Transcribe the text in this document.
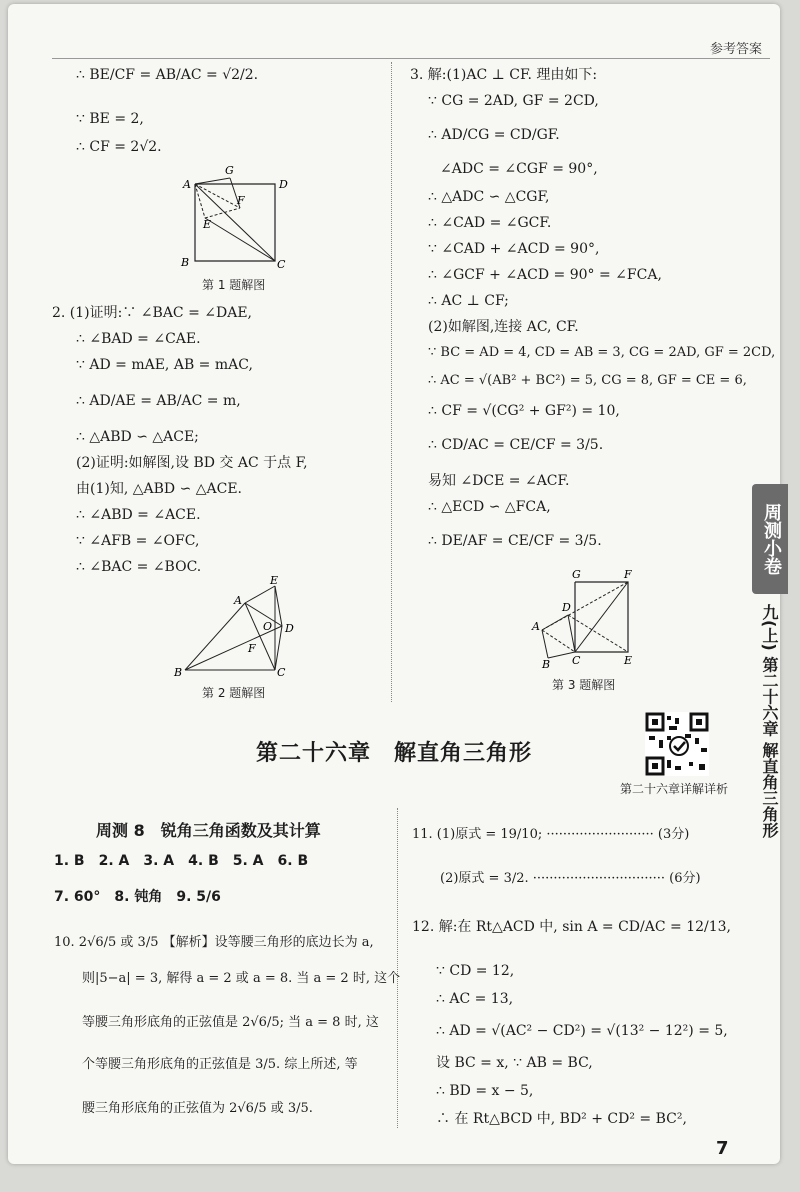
参考答案
∴ BE/CF = AB/AC = √2/2.
∵ BE = 2,
∴ CF = 2√2.
A
G
D
F
E
B	C
第 1 题解图
2. (1)证明:∵ ∠BAC = ∠DAE,
∴ ∠BAD = ∠CAE.
∵ AD = mAE, AB = mAC,
∴ AD/AE = AB/AC = m,
∴ △ABD ∽ △ACE;
(2)证明:如解图,设 BD 交 AC 于点 F,
由(1)知, △ABD ∽ △ACE.
∴ ∠ABD = ∠ACE.
∵ ∠AFB = ∠OFC,
∴ ∠BAC = ∠BOC.
E
A
O D
F
B	C
第 2 题解图
3. 解:(1)AC ⊥ CF. 理由如下:
∵ CG = 2AD, GF = 2CD,
∴ AD/CG = CD/GF.
∠ADC = ∠CGF = 90°,
∴ △ADC ∽ △CGF,
∴ ∠CAD = ∠GCF.
∵ ∠CAD + ∠ACD = 90°,
∴ ∠GCF + ∠ACD = 90° = ∠FCA,
∴ AC ⊥ CF;
(2)如解图,连接 AC, CF.
∵ BC = AD = 4, CD = AB = 3, CG = 2AD, GF = 2CD,
∴ AC = √(AB² + BC²) = 5, CG = 8, GF = CE = 6,
∴ CF = √(CG² + GF²) = 10,
∴ CD/AC = CE/CF = 3/5.
易知 ∠DCE = ∠ACF.
∴ △ECD ∽ △FCA,
∴ DE/AF = CE/CF = 3/5.
G	F
D
A
B C	E
第 3 题解图
第二十六章　解直角三角形
第二十六章详解详析
周测 8　锐角三角函数及其计算
1. B　2. A　3. A　4. B　5. A　6. B
7. 60°　8. 钝角　9. 5/6
10. 2√6/5 或 3/5 【解析】设等腰三角形的底边长为 a,
则|5−a| = 3, 解得 a = 2 或 a = 8. 当 a = 2 时, 这个
等腰三角形底角的正弦值是 2√6/5; 当 a = 8 时, 这
个等腰三角形底角的正弦值是 3/5. 综上所述, 等
腰三角形底角的正弦值为 2√6/5 或 3/5.
11. (1)原式 = 19/10; ·························· (3分)
(2)原式 = 3/2. ································ (6分)
12. 解:在 Rt△ACD 中, sin A = CD/AC = 12/13,
∵ CD = 12,
∴ AC = 13,
∴ AD = √(AC² − CD²) = √(13² − 12²) = 5,
设 BC = x, ∵ AB = BC,
∴ BD = x − 5,
∴ 在 Rt△BCD 中, BD² + CD² = BC²,
周测小卷
九(上) 第二十六章 解直角三角形
7
